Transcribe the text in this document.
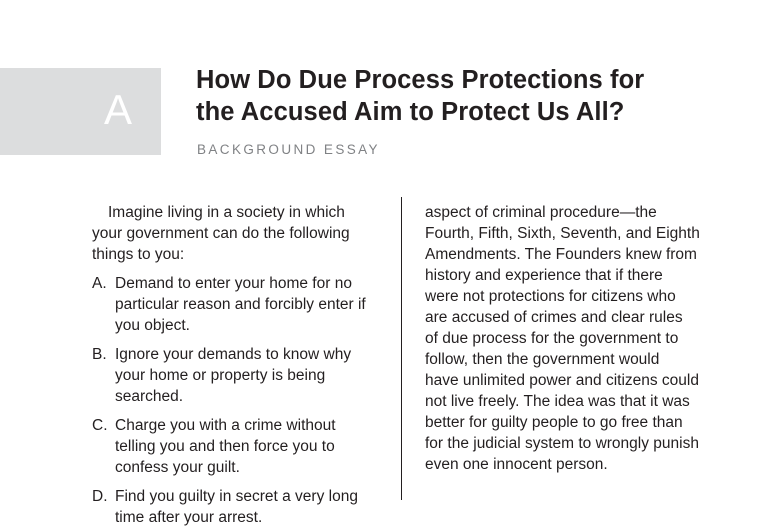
A
How Do Due Process Protections for
the Accused Aim to Protect Us All?
BACKGROUND ESSAY

Imagine living in a society in which
your government can do the following
things to you:

A. Demand to enter your home for no
particular reason and forcibly enter if
you object.
B. Ignore your demands to know why
your home or property is being
searched.
C. Charge you with a crime without
telling you and then force you to
confess your guilt.
D. Find you guilty in secret a very long
time after your arrest.

aspect of criminal procedure—the
Fourth, Fifth, Sixth, Seventh, and Eighth
Amendments. The Founders knew from
history and experience that if there
were not protections for citizens who
are accused of crimes and clear rules
of due process for the government to
follow, then the government would
have unlimited power and citizens could
not live freely. The idea was that it was
better for guilty people to go free than
for the judicial system to wrongly punish
even one innocent person.
